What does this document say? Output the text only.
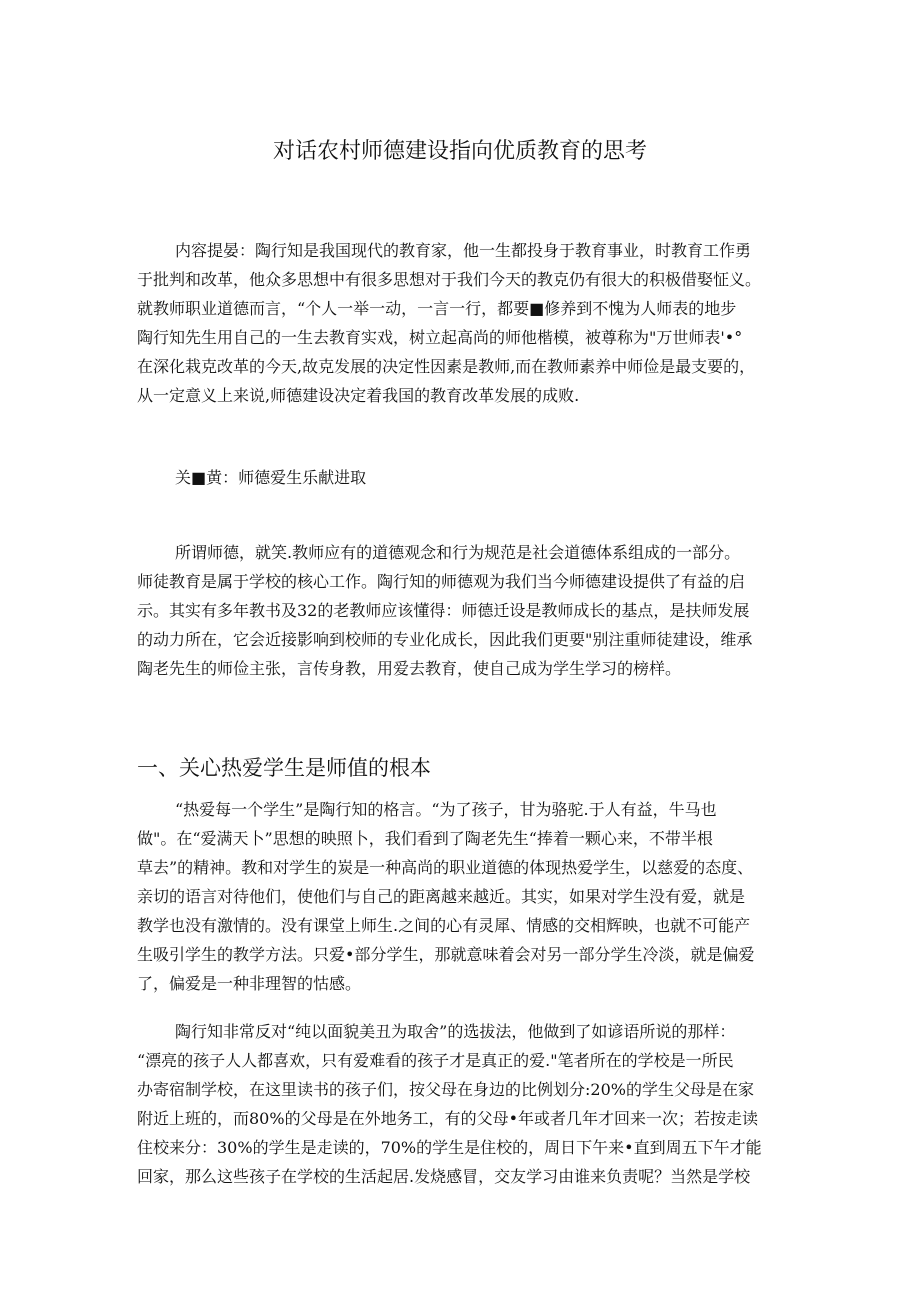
对话农村师德建设指向优质教育的思考
内容提晏：陶行知是我国现代的教育家，他一生都投身于教育事业，时教育工作勇
于批判和改革，他众多思想中有很多思想对于我们今天的教克仍有很大的积极借娶怔义。
就教师职业道德而言，“个人一举一动，一言一行，都要■修养到不愧为人师表的地步
陶行知先生用自己的一生去教育实戏，树立起高尚的师他楷模，被尊称为"万世师表'•°
在深化栽克改革的今天,故克发展的决定性因素是教师,而在教师素养中师俭是最支要的，
从一定意义上来说,师德建设决定着我国的教育改革发展的成败.
关■黄：师德爱生乐献进取
所谓师德，就笑.教师应有的道德观念和行为规范是社会道德体系组成的一部分。
师徒教育是属于学校的核心工作。陶行知的师德观为我们当今师德建设提供了有益的启
示。其实有多年教书及32的老教师应该懂得：师德迁设是教师成长的基点，是扶师发展
的动力所在，它会近接影响到校师的专业化成长，因此我们更要"别注重师徒建设，维承
陶老先生的师俭主张，言传身教，用爱去教育，使自己成为学生学习的榜样。
一、关心热爱学生是师值的根本
“热爱每一个学生”是陶行知的格言。“为了孩子，甘为骆驼.于人有益，牛马也
做"。在“爱满天卜”思想的映照卜，我们看到了陶老先生“捧着一颗心来，不带半根
草去”的精神。教和对学生的炭是一种高尚的职业道德的体现热爱学生，以慈爱的态度、
亲切的语言对待他们，使他们与自己的距离越来越近。其实，如果对学生没有爱，就是
教学也没有激情的。没有课堂上师生.之间的心有灵犀、情感的交相辉映，也就不可能产
生吸引学生的教学方法。只爱•部分学生，那就意味着会对另一部分学生冷淡，就是偏爱
了，偏爱是一种非理智的怙感。
陶行知非常反对“纯以面貌美丑为取舍”的选拔法，他做到了如谚语所说的那样：
“漂亮的孩子人人都喜欢，只有爱难看的孩子才是真正的爱."笔者所在的学校是一所民
办寄宿制学校，在这里读书的孩子们，按父母在身边的比例划分:20%的学生父母是在家
附近上班的，而80%的父母是在外地务工，有的父母•年或者几年才回来一次；若按走读
住校来分：30%的学生是走读的，70%的学生是住校的，周日下午来•直到周五下午才能
回家，那么这些孩子在学校的生活起居.发烧感冒，交友学习由谁来负责呢？当然是学校
